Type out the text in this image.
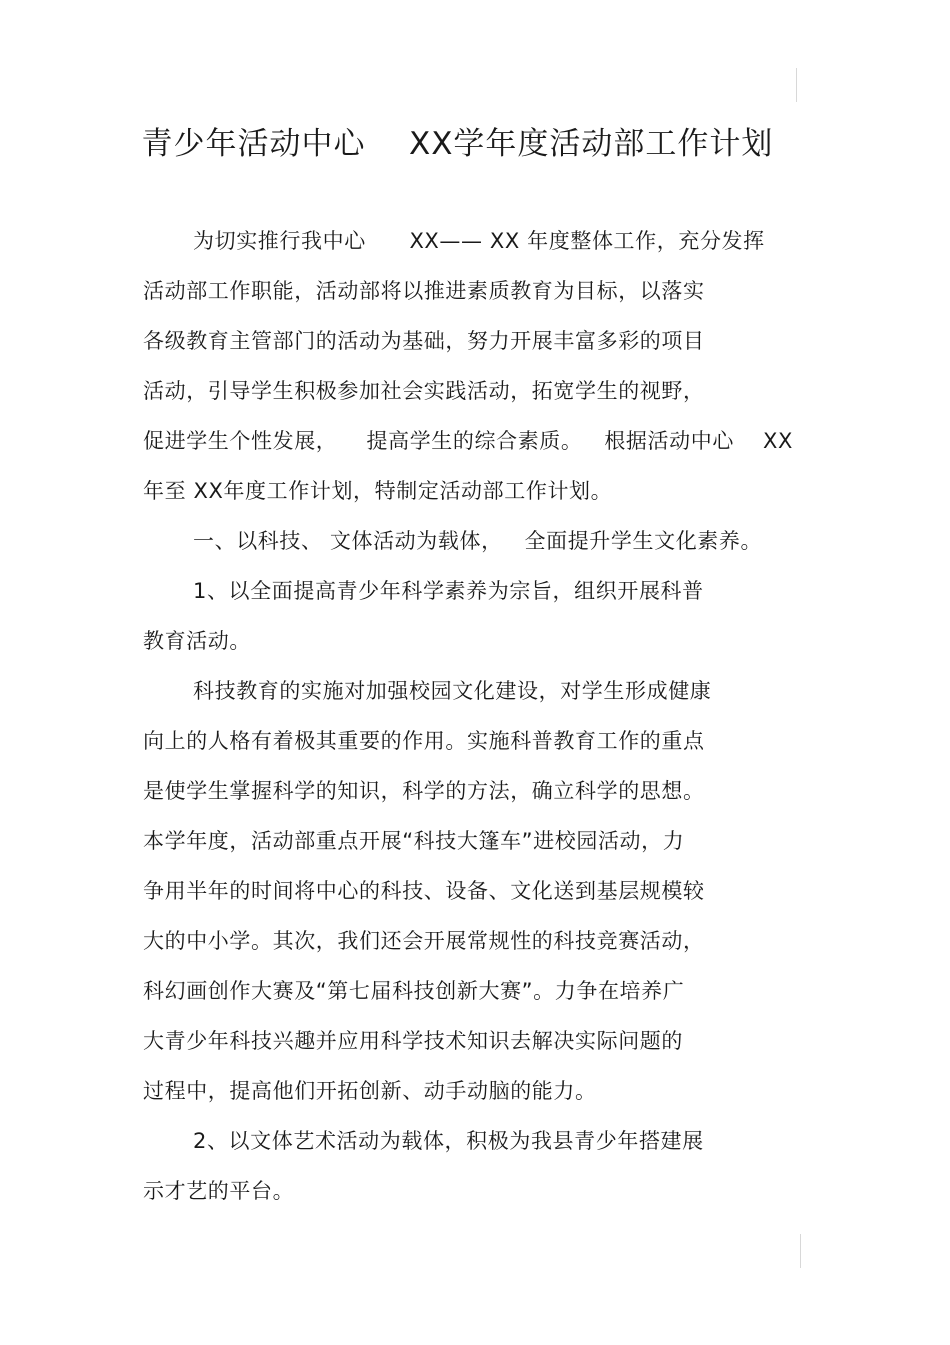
青少年活动中心    XX学年度活动部工作计划
为切实推行我中心      XX—— XX 年度整体工作，充分发挥
活动部工作职能，活动部将以推进素质教育为目标，以落实
各级教育主管部门的活动为基础，努力开展丰富多彩的项目
活动，引导学生积极参加社会实践活动，拓宽学生的视野，
促进学生个性发展，    提高学生的综合素质。   根据活动中心    XX
年至 XX年度工作计划，特制定活动部工作计划。
一、以科技、 文体活动为载体，   全面提升学生文化素养。
1、以全面提高青少年科学素养为宗旨，组织开展科普
教育活动。
科技教育的实施对加强校园文化建设，对学生形成健康
向上的人格有着极其重要的作用。实施科普教育工作的重点
是使学生掌握科学的知识，科学的方法，确立科学的思想。
本学年度，活动部重点开展“科技大篷车”进校园活动，力
争用半年的时间将中心的科技、设备、文化送到基层规模较
大的中小学。其次，我们还会开展常规性的科技竞赛活动，
科幻画创作大赛及“第七届科技创新大赛”。力争在培养广
大青少年科技兴趣并应用科学技术知识去解决实际问题的
过程中，提高他们开拓创新、动手动脑的能力。
2、以文体艺术活动为载体，积极为我县青少年搭建展
示才艺的平台。
